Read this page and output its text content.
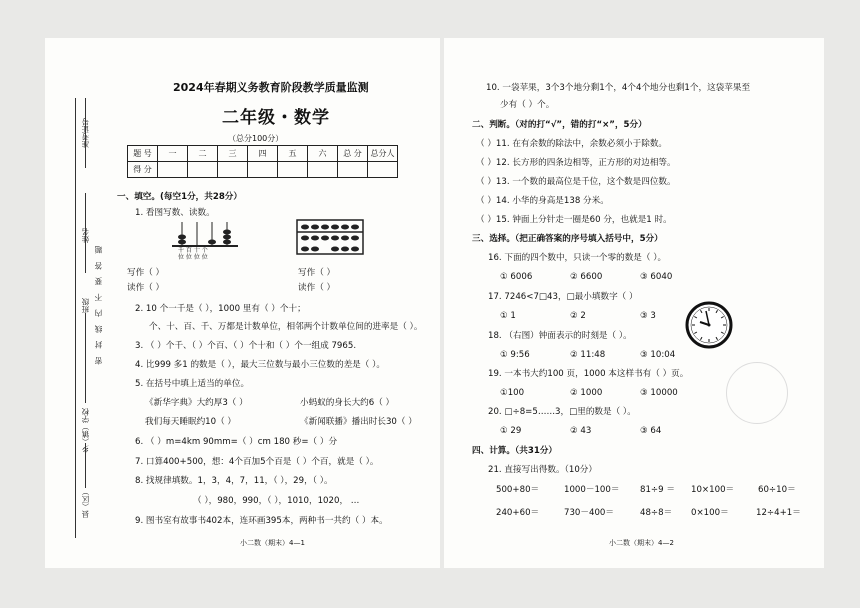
准考证号
姓名
班级
乡（镇）学校
县（区）
密 封 线 内 不 要 答 题
2024年春期义务教育阶段教学质量监测
二年级・数学
（总分100分）
题 号	一	二	三	四	五	六	总 分	总分人
得 分								
一、填空。(每空1分，共28分）
1. 看图写数、读数。
千 百 十 个
位 位 位 位
写作（ ）
读作（ ）
写作（ ）
读作（ ）
2. 10 个一千是（ ），1000 里有（ ）个十；
个、十、百、千、万都是计数单位，相邻两个计数单位间的进率是（ ）。
3. （ ）个千、（ ）个百、（ ）个十和（ ）个一组成 7965.
4. 比999 多1 的数是（ ），最大三位数与最小三位数的差是（ ）。
5. 在括号中填上适当的单位。
《新华字典》大约厚3（ ）	小蚂蚁的身长大约6（ ）
我们每天睡眠约10（ ）	《新闻联播》播出时长30（ ）
6. （ ）m=4km 90mm=（ ）cm 180 秒=（ ）分
7. 口算400+500，想：4个百加5个百是（ ）个百，就是（ ）。
8. 找规律填数。1，3，4，7，11，（ ），29，（ ）。
（ ），980，990，（ ），1010，1020， …
9. 图书室有故事书402本，连环画395本，两种书一共约（ ）本。
小二数（期末）4—1
10. 一袋苹果，3个3个地分剩1个，4个4个地分也剩1个，这袋苹果至
少有（ ）个。
二、判断。（对的打“√”，错的打“×”，5分）
（ ）11. 在有余数的除法中，余数必须小于除数。
（ ）12. 长方形的四条边相等，正方形的对边相等。
（ ）13. 一个数的最高位是千位，这个数是四位数。
（ ）14. 小华的身高是138 分米。
（ ）15. 钟面上分针走一圈是60 分，也就是1 时。
三、选择。（把正确答案的序号填入括号中，5分）
16. 下面的四个数中，只读一个零的数是（ ）。
① 6006	② 6600	③ 6040
17. 7246<7□43，□最小填数字（ ）
① 1	② 2	③ 3
18. （右图）钟面表示的时刻是（ ）。
① 9:56	② 11:48	③ 10:04
19. 一本书大约100 页，1000 本这样书有（ ）页。
①100	② 1000	③ 10000
20. □÷8=5……3，□里的数是（ ）。
① 29	② 43	③ 64
四、计算。（共31分）
21. 直接写出得数。（10分）
500+80＝	1000－100＝ 81÷9 ＝ 10×100＝	60÷10＝
240+60＝	730－400＝	48÷8＝ 0×100＝	12÷4+1＝
小二数（期末）4—2
